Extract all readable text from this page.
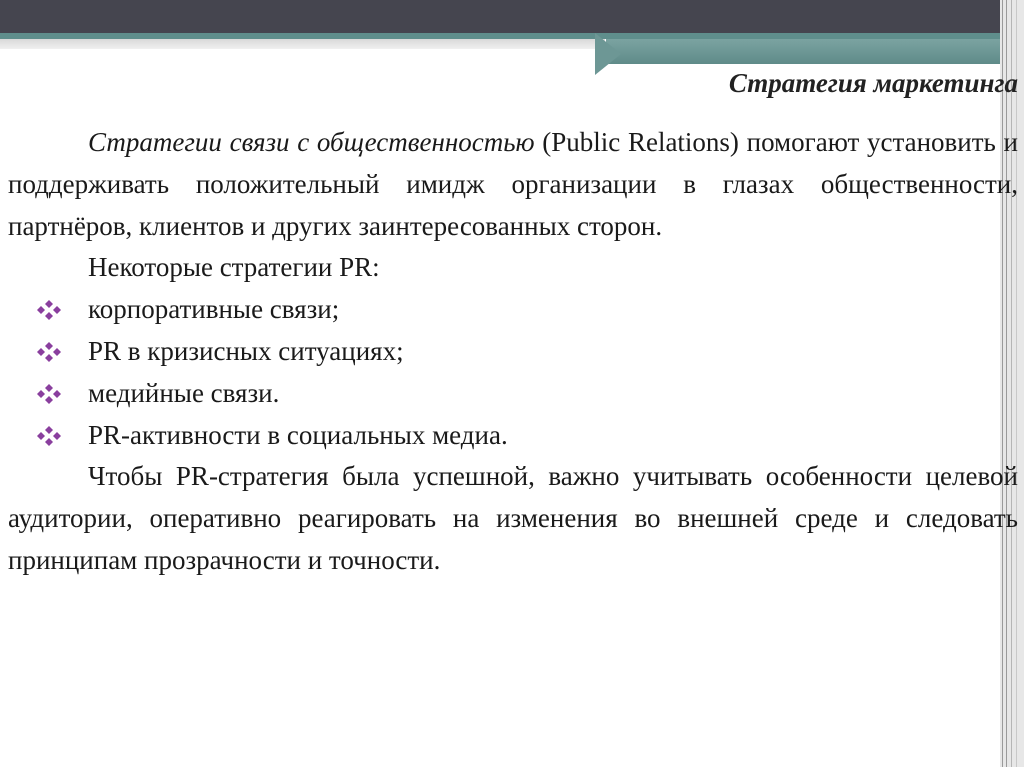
Стратегия маркетинга

Стратегии связи с общественностью (Public Relations) помогают установить и поддерживать положительный имидж организации в глазах общественности, партнёров, клиентов и других заинтересованных сторон.

Некоторые стратегии PR:

корпоративные связи;
PR в кризисных ситуациях;
медийные связи.
PR-активности в социальных медиа.

Чтобы PR-стратегия была успешной, важно учитывать особенности целевой аудитории, оперативно реагировать на изменения во внешней среде и следовать принципам прозрачности и точности.
